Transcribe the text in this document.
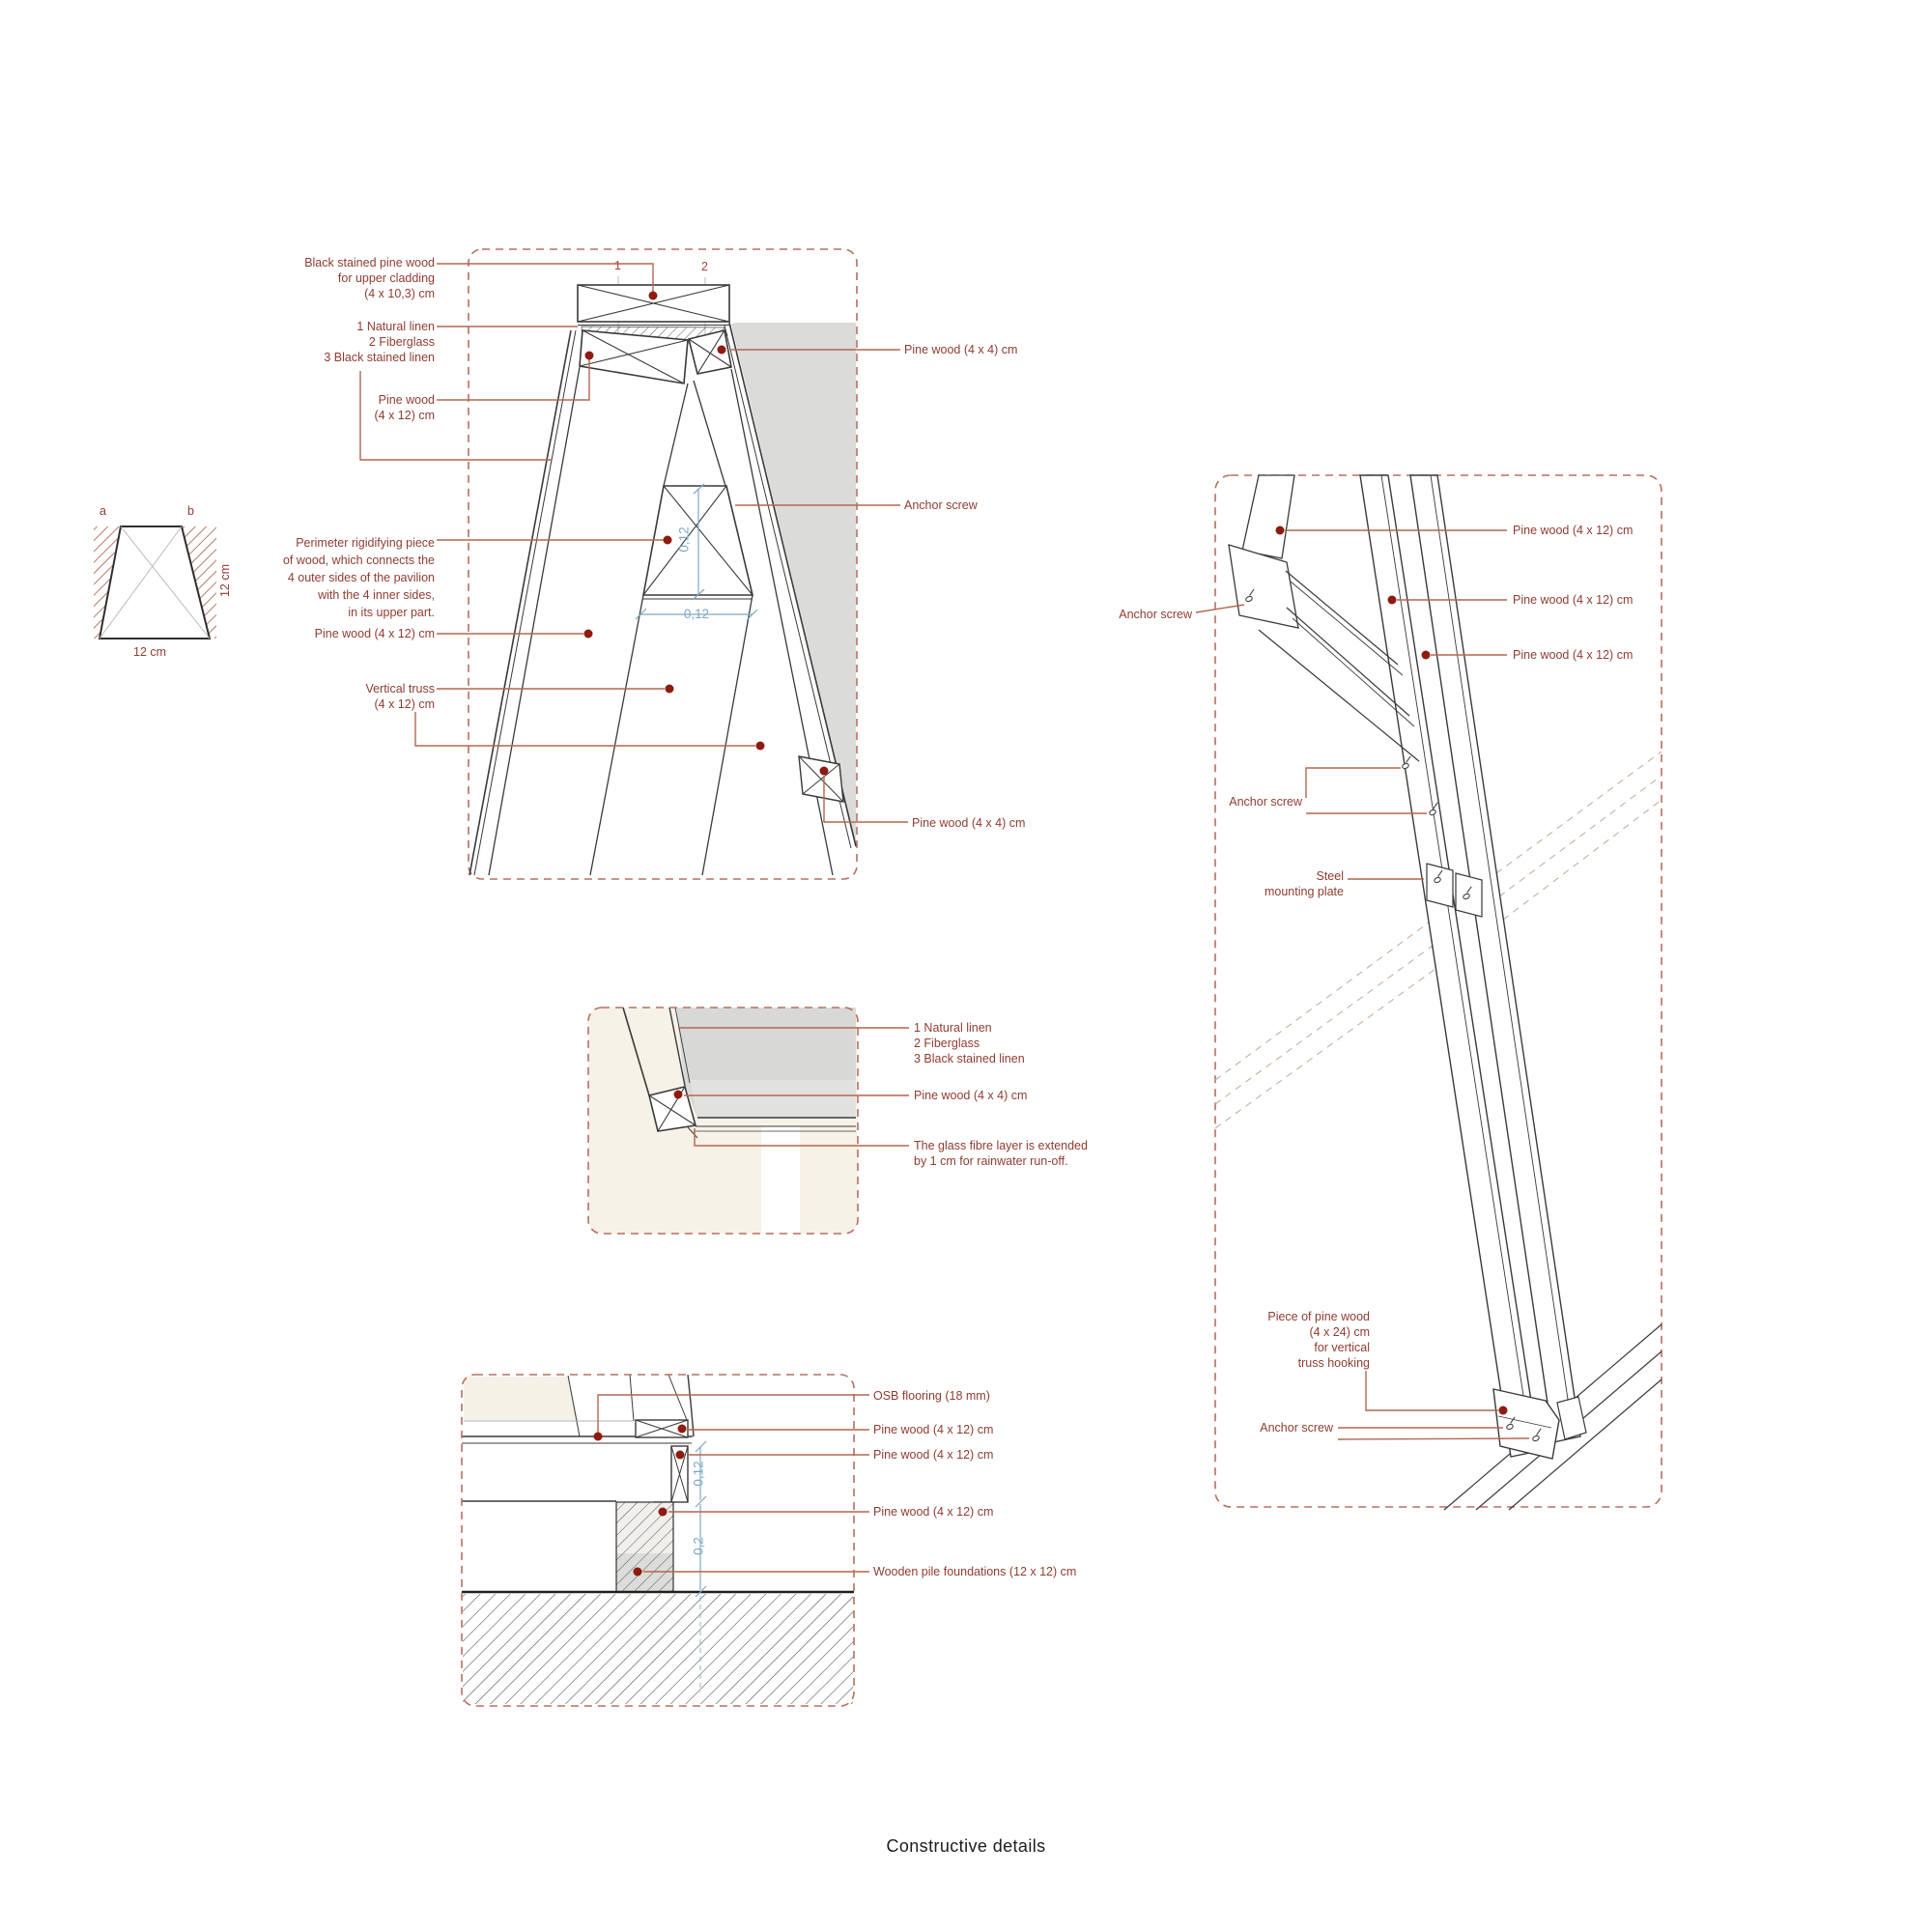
a	b
12 cm
12 cm
Black stained pine wood
for upper cladding
(4 x 10,3) cm
1 Natural linen
2 Fiberglass
3 Black stained linen
Pine wood
(4 x 12) cm
Perimeter rigidifying piece
of wood, which connects the
4 outer sides of the pavilion
with the 4 inner sides,
in its upper part.
Pine wood (4 x 12) cm
Vertical truss
(4 x 12) cm
Pine wood (4 x 4) cm
Anchor screw
Pine wood (4 x 4) cm
1	2
0,12
0,12
1 Natural linen
2 Fiberglass
3 Black stained linen
Pine wood (4 x 4) cm
The glass fibre layer is extended
by 1 cm for rainwater run-off.
OSB flooring (18 mm)
Pine wood (4 x 12) cm
Pine wood (4 x 12) cm
Pine wood (4 x 12) cm
Wooden pile foundations (12 x 12) cm
0,12
0,2
Anchor screw
Pine wood (4 x 12) cm
Pine wood (4 x 12) cm
Pine wood (4 x 12) cm
Anchor screw
Steel
mounting plate
Piece of pine wood
(4 x 24) cm
for vertical
truss hooking
Anchor screw
Constructive details
